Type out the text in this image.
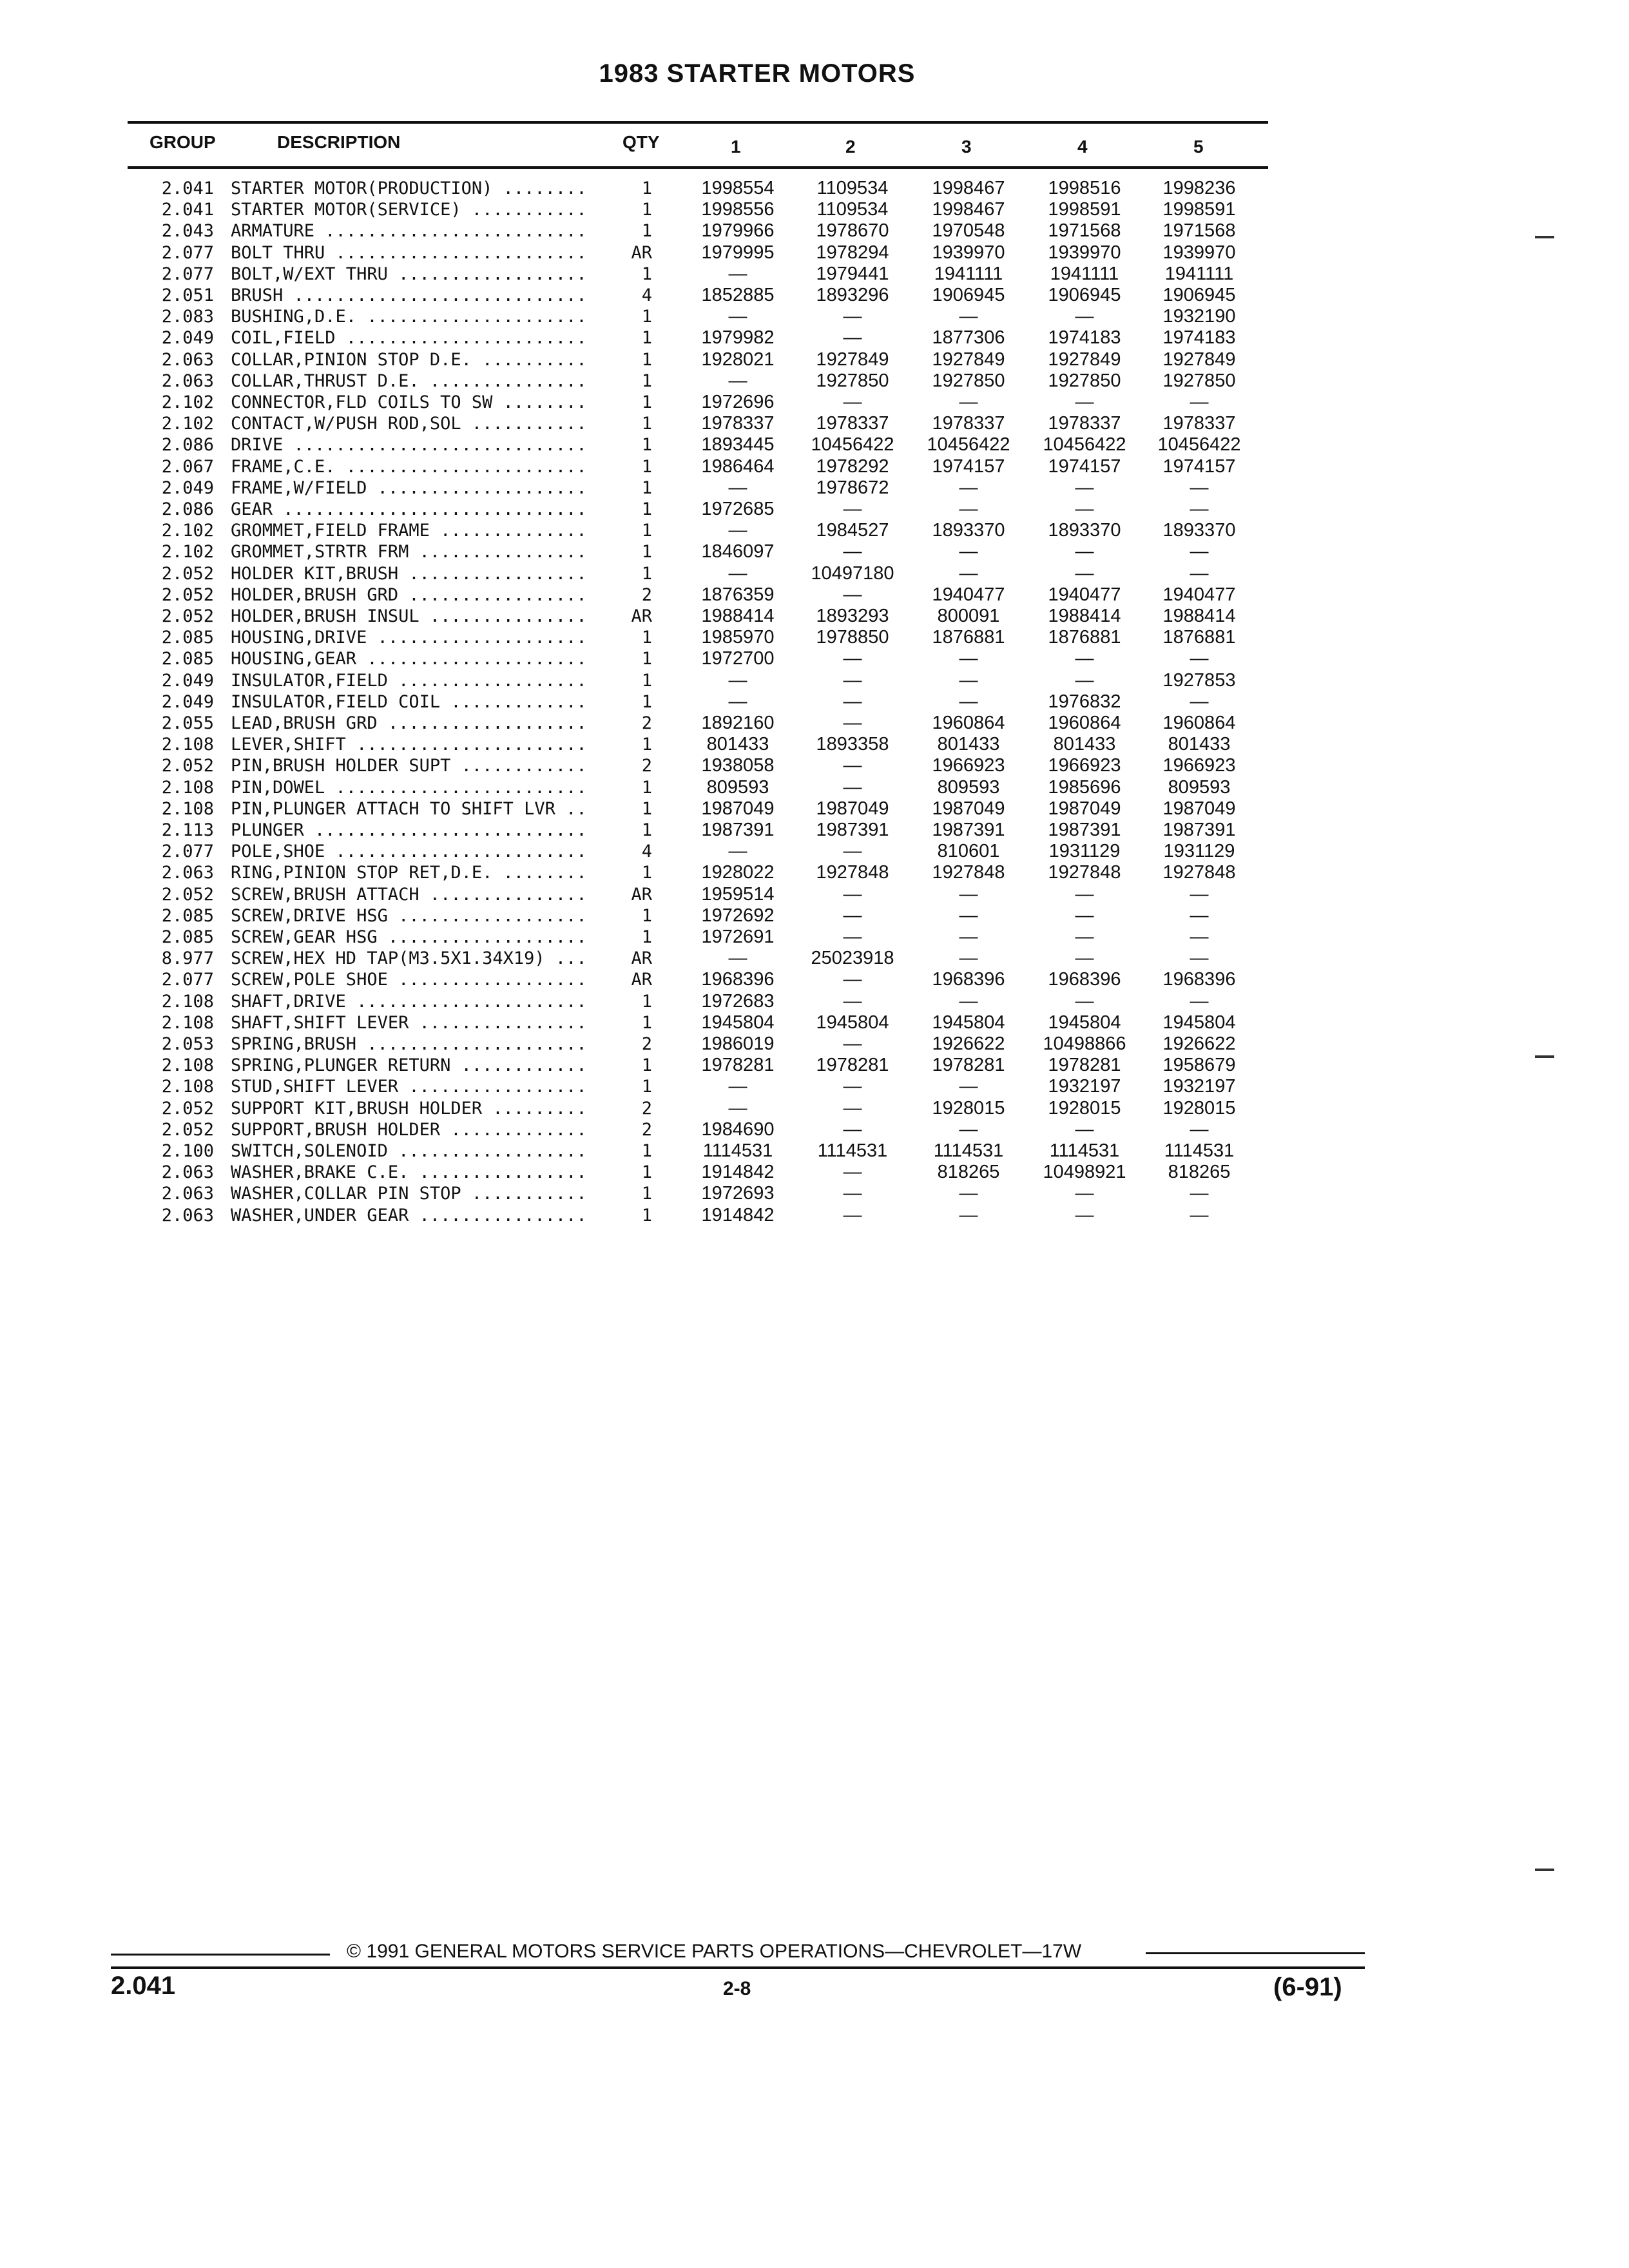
1983 STARTER MOTORS
GROUP	DESCRIPTION	QTY	1	2	3	4	5
2.041 STARTER MOTOR(PRODUCTION) ........	1	1998554	1109534	1998467	1998516	1998236
2.041 STARTER MOTOR(SERVICE) ...........	1	1998556	1109534	1998467	1998591	1998591
2.043 ARMATURE .........................	1	1979966	1978670	1970548	1971568	1971568
2.077 BOLT THRU ........................	AR	1979995	1978294	1939970	1939970	1939970
2.077 BOLT,W/EXT THRU ..................	1	—	1979441	1941111	1941111	1941111
2.051 BRUSH ............................	4	1852885	1893296	1906945	1906945	1906945
2.083 BUSHING,D.E. .....................	1	—	—	—	—	1932190
2.049 COIL,FIELD .......................	1	1979982	—	1877306	1974183	1974183
2.063 COLLAR,PINION STOP D.E. ..........	1	1928021	1927849	1927849	1927849	1927849
2.063 COLLAR,THRUST D.E. ...............	1	—	1927850	1927850	1927850	1927850
2.102 CONNECTOR,FLD COILS TO SW ........	1	1972696	—	—	—	—
2.102 CONTACT,W/PUSH ROD,SOL ...........	1	1978337	1978337	1978337	1978337	1978337
2.086 DRIVE ............................	1	1893445	10456422	10456422	10456422	10456422
2.067 FRAME,C.E. .......................	1	1986464	1978292	1974157	1974157	1974157
2.049 FRAME,W/FIELD ....................	1	—	1978672	—	—	—
2.086 GEAR .............................	1	1972685	—	—	—	—
2.102 GROMMET,FIELD FRAME ..............	1	—	1984527	1893370	1893370	1893370
2.102 GROMMET,STRTR FRM ................	1	1846097	—	—	—	—
2.052 HOLDER KIT,BRUSH .................	1	—	10497180	—	—	—
2.052 HOLDER,BRUSH GRD .................	2	1876359	—	1940477	1940477	1940477
2.052 HOLDER,BRUSH INSUL ...............	AR	1988414	1893293	800091	1988414	1988414
2.085 HOUSING,DRIVE ....................	1	1985970	1978850	1876881	1876881	1876881
2.085 HOUSING,GEAR .....................	1	1972700	—	—	—	—
2.049 INSULATOR,FIELD ..................	1	—	—	—	—	1927853
2.049 INSULATOR,FIELD COIL .............	1	—	—	—	1976832	—
2.055 LEAD,BRUSH GRD ...................	2	1892160	—	1960864	1960864	1960864
2.108 LEVER,SHIFT ......................	1	801433	1893358	801433	801433	801433
2.052 PIN,BRUSH HOLDER SUPT ............	2	1938058	—	1966923	1966923	1966923
2.108 PIN,DOWEL ........................	1	809593	—	809593	1985696	809593
2.108 PIN,PLUNGER ATTACH TO SHIFT LVR ..	1	1987049	1987049	1987049	1987049	1987049
2.113 PLUNGER ..........................	1	1987391	1987391	1987391	1987391	1987391
2.077 POLE,SHOE ........................	4	—	—	810601	1931129	1931129
2.063 RING,PINION STOP RET,D.E. ........	1	1928022	1927848	1927848	1927848	1927848
2.052 SCREW,BRUSH ATTACH ...............	AR	1959514	—	—	—	—
2.085 SCREW,DRIVE HSG ..................	1	1972692	—	—	—	—
2.085 SCREW,GEAR HSG ...................	1	1972691	—	—	—	—
8.977 SCREW,HEX HD TAP(M3.5X1.34X19) ...	AR	—	25023918	—	—	—
2.077 SCREW,POLE SHOE ..................	AR	1968396	—	1968396	1968396	1968396
2.108 SHAFT,DRIVE ......................	1	1972683	—	—	—	—
2.108 SHAFT,SHIFT LEVER ................	1	1945804	1945804	1945804	1945804	1945804
2.053 SPRING,BRUSH .....................	2	1986019	—	1926622	10498866	1926622
2.108 SPRING,PLUNGER RETURN ............	1	1978281	1978281	1978281	1978281	1958679
2.108 STUD,SHIFT LEVER .................	1	—	—	—	1932197	1932197
2.052 SUPPORT KIT,BRUSH HOLDER .........	2	—	—	1928015	1928015	1928015
2.052 SUPPORT,BRUSH HOLDER .............	2	1984690	—	—	—	—
2.100 SWITCH,SOLENOID ..................	1	1114531	1114531	1114531	1114531	1114531
2.063 WASHER,BRAKE C.E. ................	1	1914842	—	818265	10498921	818265
2.063 WASHER,COLLAR PIN STOP ...........	1	1972693	—	—	—	—
2.063 WASHER,UNDER GEAR ................	1	1914842	—	—	—	—
© 1991 GENERAL MOTORS SERVICE PARTS OPERATIONS—CHEVROLET—17W
2.041	2-8	(6-91)
